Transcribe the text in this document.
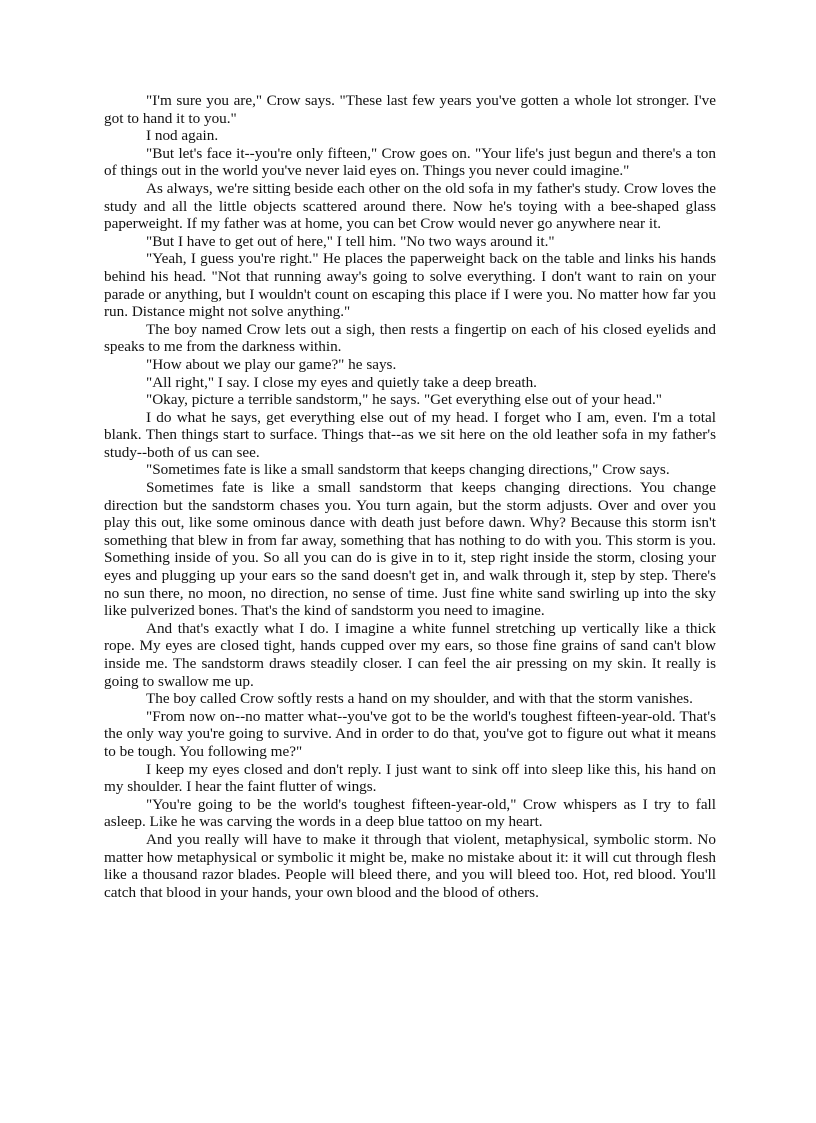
"I'm sure you are," Crow says. "These last few years you've gotten a whole lot stronger. I've got to hand it to you."

I nod again.

"But let's face it--you're only fifteen," Crow goes on. "Your life's just begun and there's a ton of things out in the world you've never laid eyes on. Things you never could imagine."

As always, we're sitting beside each other on the old sofa in my father's study. Crow loves the study and all the little objects scattered around there. Now he's toying with a bee-shaped glass paperweight. If my father was at home, you can bet Crow would never go anywhere near it.

"But I have to get out of here," I tell him. "No two ways around it."

"Yeah, I guess you're right." He places the paperweight back on the table and links his hands behind his head. "Not that running away's going to solve everything. I don't want to rain on your parade or anything, but I wouldn't count on escaping this place if I were you. No matter how far you run. Distance might not solve anything."

The boy named Crow lets out a sigh, then rests a fingertip on each of his closed eyelids and speaks to me from the darkness within.

"How about we play our game?" he says.

"All right," I say. I close my eyes and quietly take a deep breath.

"Okay, picture a terrible sandstorm," he says. "Get everything else out of your head."

I do what he says, get everything else out of my head. I forget who I am, even. I'm a total blank. Then things start to surface. Things that--as we sit here on the old leather sofa in my father's study--both of us can see.

"Sometimes fate is like a small sandstorm that keeps changing directions," Crow says.

Sometimes fate is like a small sandstorm that keeps changing directions. You change direction but the sandstorm chases you. You turn again, but the storm adjusts. Over and over you play this out, like some ominous dance with death just before dawn. Why? Because this storm isn't something that blew in from far away, something that has nothing to do with you. This storm is you. Something inside of you. So all you can do is give in to it, step right inside the storm, closing your eyes and plugging up your ears so the sand doesn't get in, and walk through it, step by step. There's no sun there, no moon, no direction, no sense of time. Just fine white sand swirling up into the sky like pulverized bones. That's the kind of sandstorm you need to imagine.

And that's exactly what I do. I imagine a white funnel stretching up vertically like a thick rope. My eyes are closed tight, hands cupped over my ears, so those fine grains of sand can't blow inside me. The sandstorm draws steadily closer. I can feel the air pressing on my skin. It really is going to swallow me up.

The boy called Crow softly rests a hand on my shoulder, and with that the storm vanishes.

"From now on--no matter what--you've got to be the world's toughest fifteen-year-old. That's the only way you're going to survive. And in order to do that, you've got to figure out what it means to be tough. You following me?"

I keep my eyes closed and don't reply. I just want to sink off into sleep like this, his hand on my shoulder. I hear the faint flutter of wings.

"You're going to be the world's toughest fifteen-year-old," Crow whispers as I try to fall asleep. Like he was carving the words in a deep blue tattoo on my heart.

And you really will have to make it through that violent, metaphysical, symbolic storm. No matter how metaphysical or symbolic it might be, make no mistake about it: it will cut through flesh like a thousand razor blades. People will bleed there, and you will bleed too. Hot, red blood. You'll catch that blood in your hands, your own blood and the blood of others.
